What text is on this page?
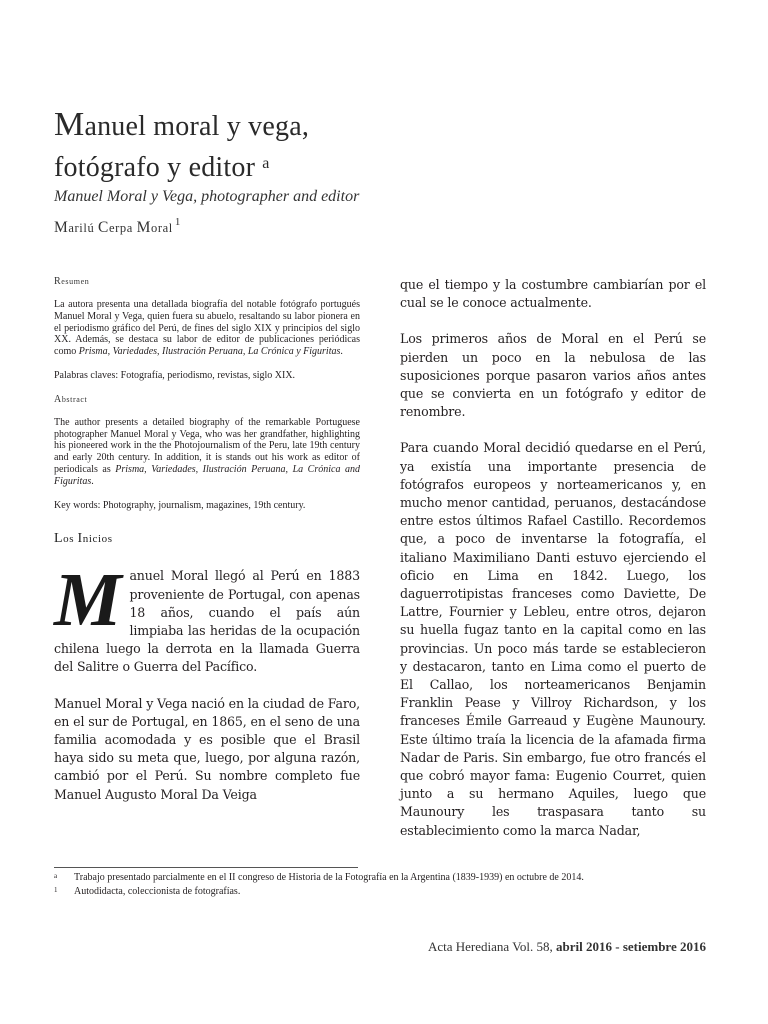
Manuel moral y vega,
fotógrafo y editor $^a$
Manuel Moral y Vega, photographer and editor
Marilú Cerpa Moral $^1$
Resumen

La autora presenta una detallada biografía del notable fotógrafo portugués Manuel Moral y Vega, quien fuera su abuelo, resaltando su labor pionera en el periodismo gráfico del Perú, de fines del siglo XIX y principios del siglo XX. Además, se destaca su labor de editor de publicaciones periódicas como Prisma, Variedades, Ilustración Peruana, La Crónica y Figuritas.

Palabras claves: Fotografía, periodismo, revistas, siglo XIX.

Abstract

The author presents a detailed biography of the remarkable Portuguese photographer Manuel Moral y Vega, who was her grandfather, highlighting his pioneered work in the the Photojournalism of the Peru, late 19th century and early 20th century. In addition, it is stands out his work as editor of periodicals as Prisma, Variedades, Ilustración Peruana, La Crónica and Figuritas.

Key words: Photography, journalism, magazines, 19th century.

Los Inicios

Manuel Moral llegó al Perú en 1883 proveniente de Portugal, con apenas 18 años, cuando el país aún limpiaba las heridas de la ocupación chilena luego la derrota en la llamada Guerra del Salitre o Guerra del Pacífico.

Manuel Moral y Vega nació en la ciudad de Faro, en el sur de Portugal, en 1865, en el seno de una familia acomodada y es posible que el Brasil haya sido su meta que, luego, por alguna razón, cambió por el Perú. Su nombre completo fue Manuel Augusto Moral Da Veiga

que el tiempo y la costumbre cambiarían por el cual se le conoce actualmente.

Los primeros años de Moral en el Perú se pierden un poco en la nebulosa de las suposiciones porque pasaron varios años antes que se convierta en un fotógrafo y editor de renombre.

Para cuando Moral decidió quedarse en el Perú, ya existía una importante presencia de fotógrafos europeos y norteamericanos y, en mucho menor cantidad, peruanos, destacándose entre estos últimos Rafael Castillo. Recordemos que, a poco de inventarse la fotografía, el italiano Maximiliano Danti estuvo ejerciendo el oficio en Lima en 1842. Luego, los daguerrotipistas franceses como Daviette, De Lattre, Fournier y Lebleu, entre otros, dejaron su huella fugaz tanto en la capital como en las provincias. Un poco más tarde se establecieron y destacaron, tanto en Lima como el puerto de El Callao, los norteamericanos Benjamin Franklin Pease y Villroy Richardson, y los franceses Émile Garreaud y Eugène Maunoury. Este último traía la licencia de la afamada firma Nadar de Paris. Sin embargo, fue otro francés el que cobró mayor fama: Eugenio Courret, quien junto a su hermano Aquiles, luego que Maunoury les traspasara tanto su establecimiento como la marca Nadar,

a Trabajo presentado parcialmente en el II congreso de Historia de la Fotografía en la Argentina (1839-1939) en octubre de 2014.
1 Autodidacta, coleccionista de fotografías.
Acta Herediana Vol. 58, abril 2016 - setiembre 2016
